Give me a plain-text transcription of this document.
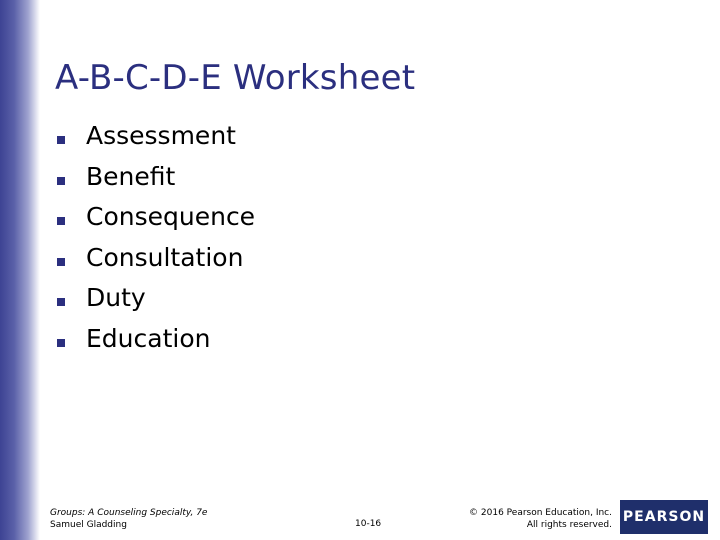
A-B-C-D-E Worksheet
Assessment
Benefit
Consequence
Consultation
Duty
Education
Groups: A Counseling Specialty, 7e
Samuel Gladding	10-16
© 2016 Pearson Education, Inc.
All rights reserved. PEARSON
